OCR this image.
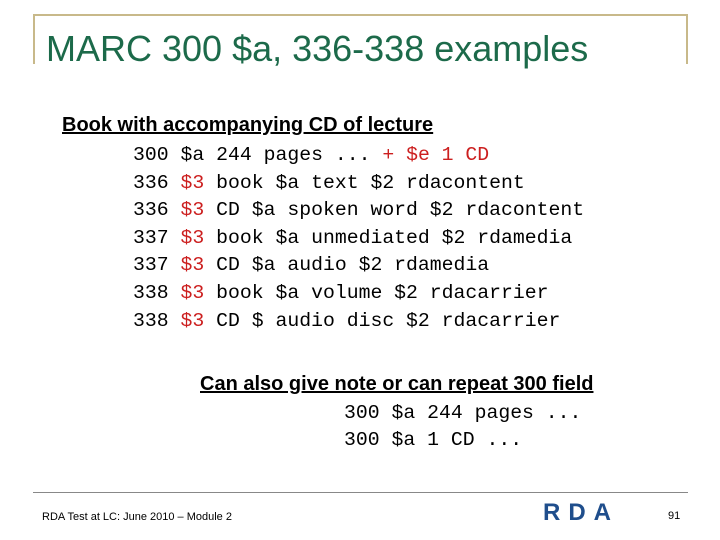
MARC 300 $a, 336-338 examples
Book with accompanying CD of lecture
300 $a 244 pages ... + $e 1 CD
336 $3 book $a text $2 rdacontent
336 $3 CD $a spoken word $2 rdacontent
337 $3 book $a unmediated $2 rdamedia
337 $3 CD $a audio $2 rdamedia
338 $3 book $a volume $2 rdacarrier
338 $3 CD $ audio disc $2 rdacarrier
Can also give note or can repeat 300 field
300 $a 244 pages ...
300 $a 1 CD ...
RDA Test at LC: June 2010 – Module 2	RDA	91
